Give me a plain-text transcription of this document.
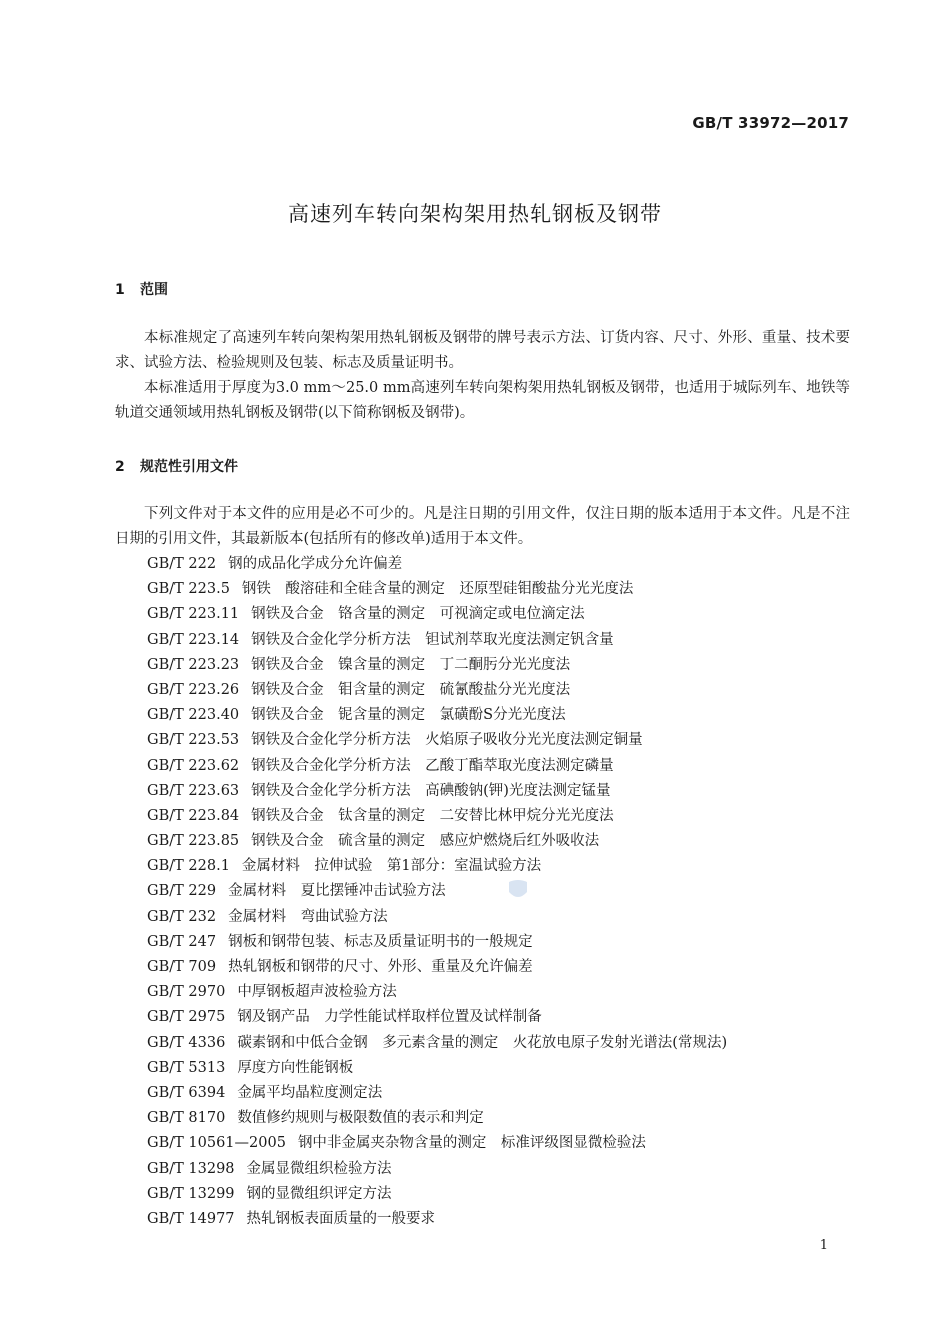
GB/T 33972—2017
高速列车转向架构架用热轧钢板及钢带
1 范围
本标准规定了高速列车转向架构架用热轧钢板及钢带的牌号表示方法、订货内容、尺寸、外形、重量、技术要求、试验方法、检验规则及包装、标志及质量证明书。
本标准适用于厚度为3.0 mm～25.0 mm高速列车转向架构架用热轧钢板及钢带，也适用于城际列车、地铁等轨道交通领域用热轧钢板及钢带(以下简称钢板及钢带)。
2 规范性引用文件
下列文件对于本文件的应用是必不可少的。凡是注日期的引用文件，仅注日期的版本适用于本文件。凡是不注日期的引用文件，其最新版本(包括所有的修改单)适用于本文件。
GB/T 222 钢的成品化学成分允许偏差
GB/T 223.5 钢铁　酸溶硅和全硅含量的测定　还原型硅钼酸盐分光光度法
GB/T 223.11 钢铁及合金　铬含量的测定　可视滴定或电位滴定法
GB/T 223.14 钢铁及合金化学分析方法　钽试剂萃取光度法测定钒含量
GB/T 223.23 钢铁及合金　镍含量的测定　丁二酮肟分光光度法
GB/T 223.26 钢铁及合金　钼含量的测定　硫氰酸盐分光光度法
GB/T 223.40 钢铁及合金　铌含量的测定　氯磺酚S分光光度法
GB/T 223.53 钢铁及合金化学分析方法　火焰原子吸收分光光度法测定铜量
GB/T 223.62 钢铁及合金化学分析方法　乙酸丁酯萃取光度法测定磷量
GB/T 223.63 钢铁及合金化学分析方法　高碘酸钠(钾)光度法测定锰量
GB/T 223.84 钢铁及合金　钛含量的测定　二安替比林甲烷分光光度法
GB/T 223.85 钢铁及合金　硫含量的测定　感应炉燃烧后红外吸收法
GB/T 228.1 金属材料　拉伸试验　第1部分：室温试验方法
GB/T 229 金属材料　夏比摆锤冲击试验方法
GB/T 232 金属材料　弯曲试验方法
GB/T 247 钢板和钢带包装、标志及质量证明书的一般规定
GB/T 709 热轧钢板和钢带的尺寸、外形、重量及允许偏差
GB/T 2970 中厚钢板超声波检验方法
GB/T 2975 钢及钢产品　力学性能试样取样位置及试样制备
GB/T 4336 碳素钢和中低合金钢　多元素含量的测定　火花放电原子发射光谱法(常规法)
GB/T 5313 厚度方向性能钢板
GB/T 6394 金属平均晶粒度测定法
GB/T 8170 数值修约规则与极限数值的表示和判定
GB/T 10561—2005 钢中非金属夹杂物含量的测定　标准评级图显微检验法
GB/T 13298 金属显微组织检验方法
GB/T 13299 钢的显微组织评定方法
GB/T 14977 热轧钢板表面质量的一般要求
1
